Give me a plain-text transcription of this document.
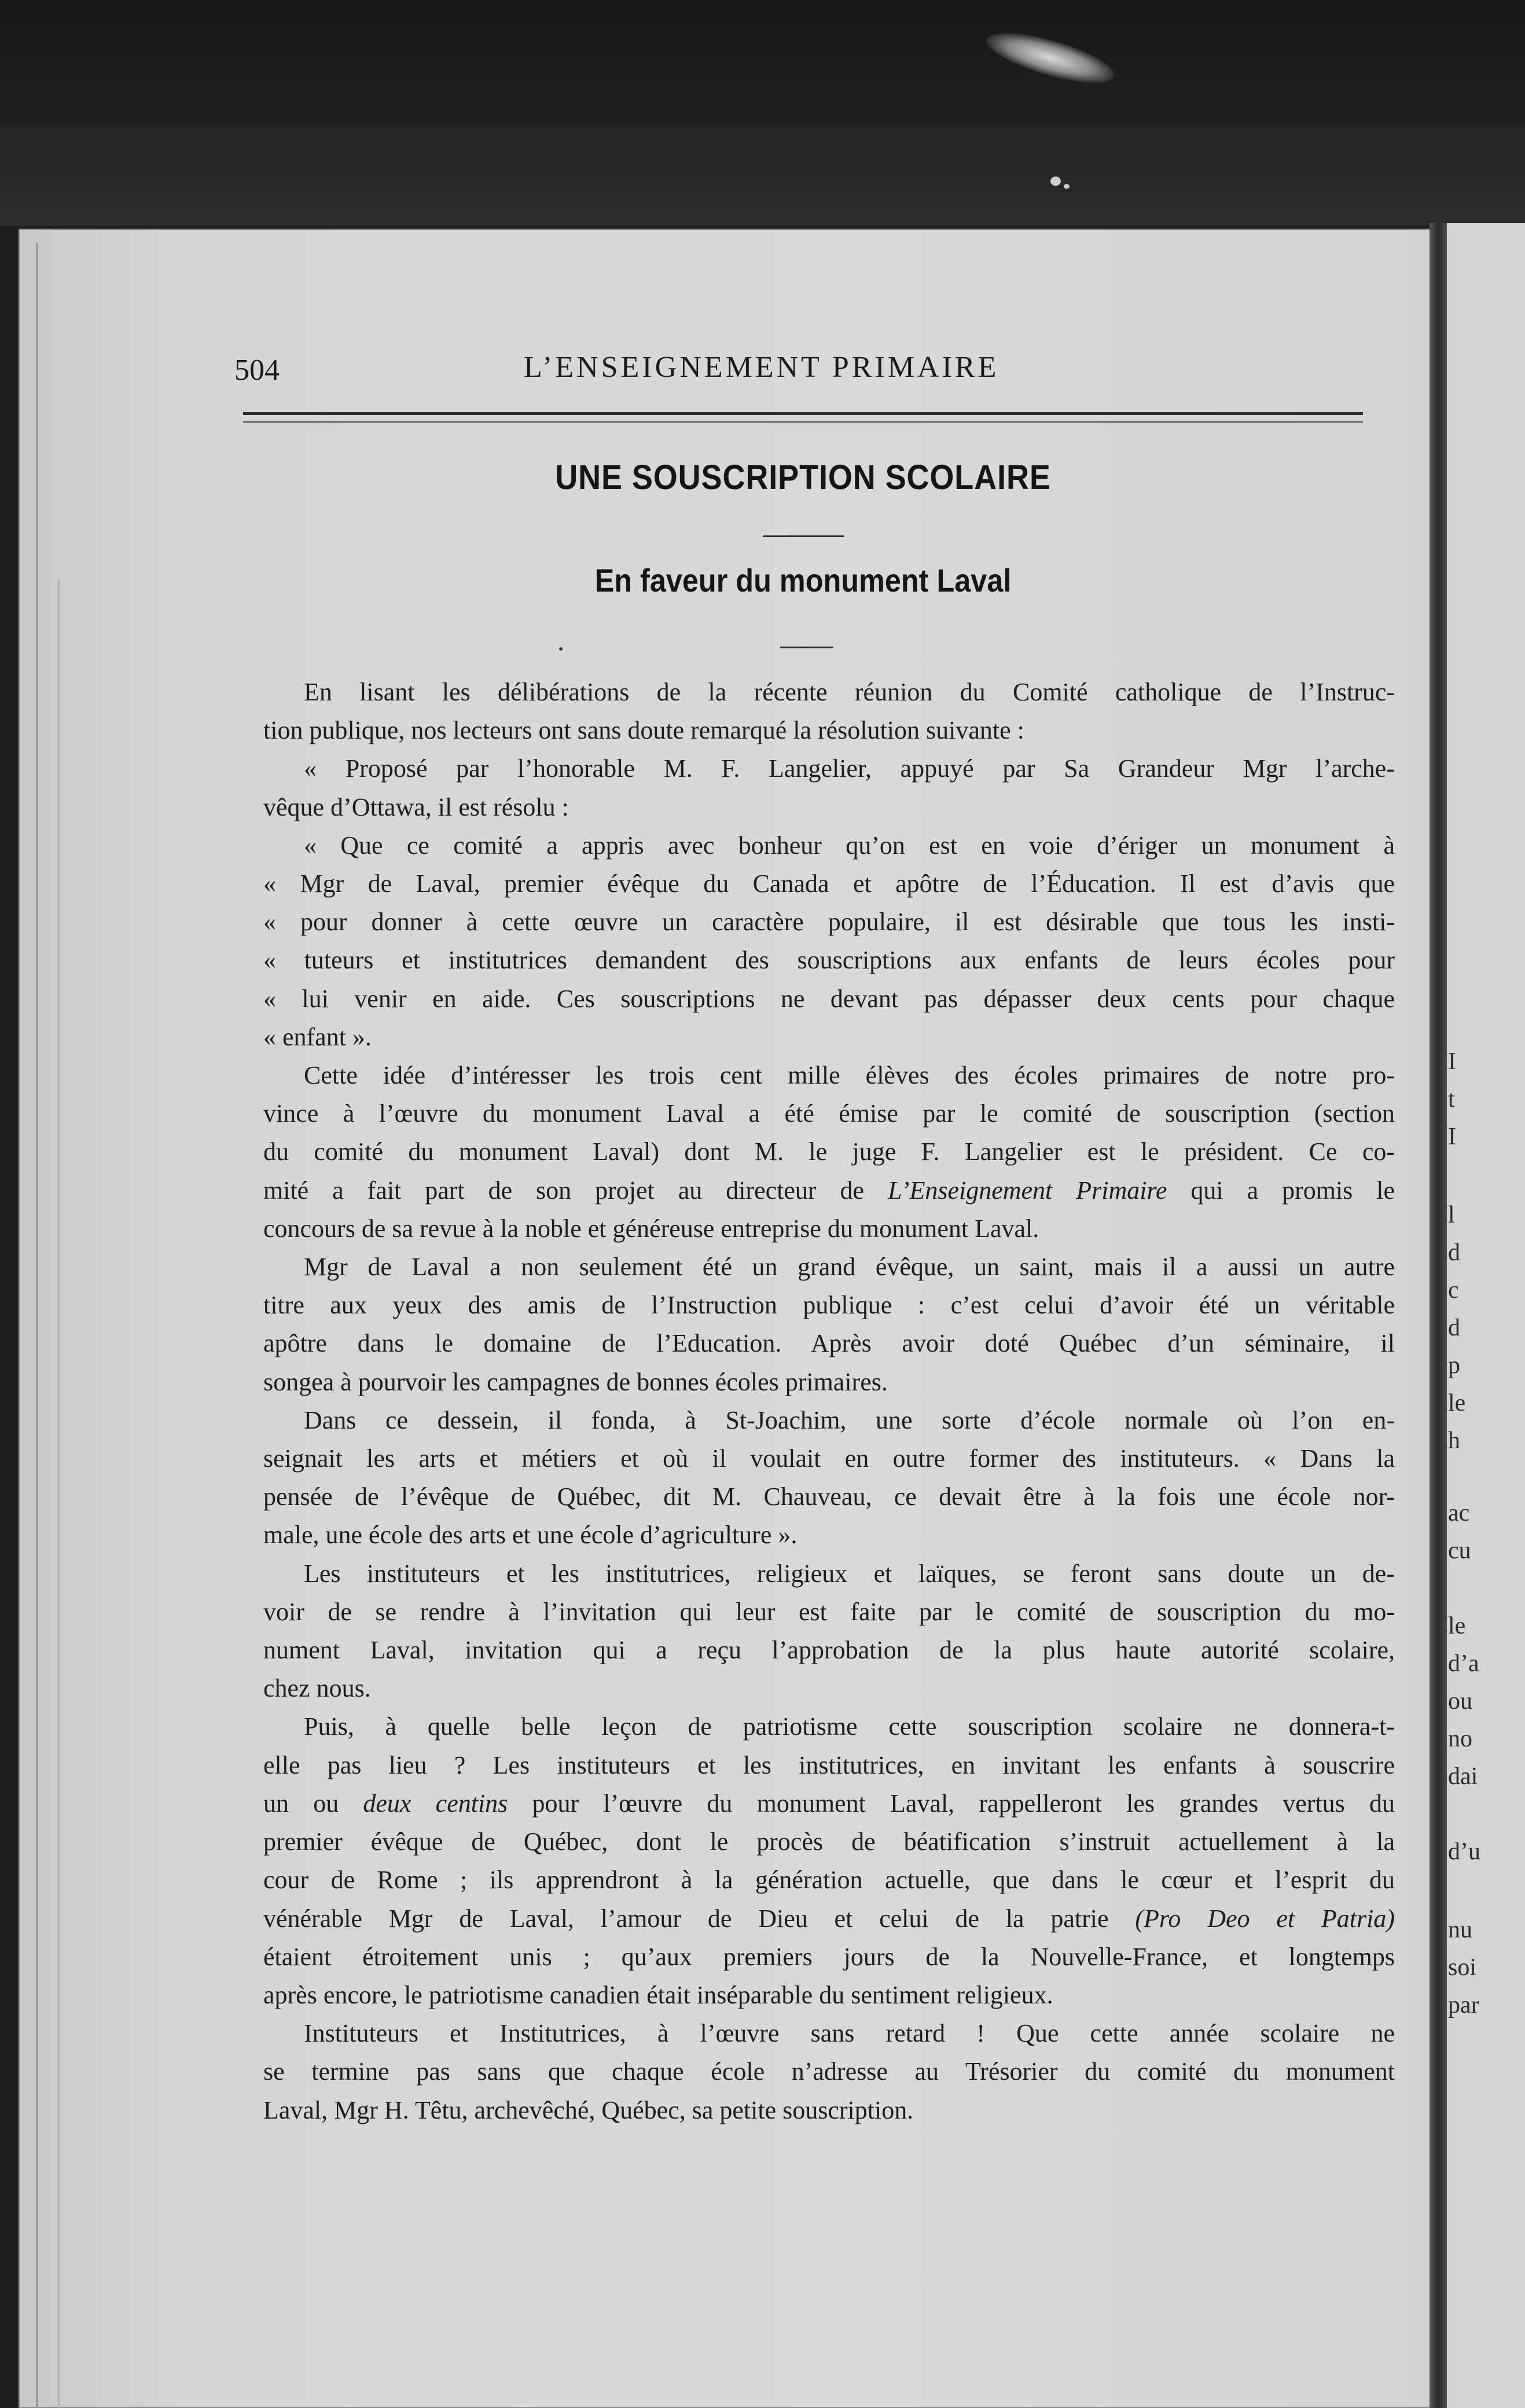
I
t
I
l
d
c
d
p
le
h
ac
cu
le
d’a
ou
no
dai
d’u
nu
soi
par
504	L’ENSEIGNEMENT PRIMAIRE
UNE SOUSCRIPTION SCOLAIRE
En faveur du monument Laval
En lisant les délibérations de la récente réunion du Comité catholique de l’Instruc-
tion publique, nos lecteurs ont sans doute remarqué la résolution suivante :
« Proposé par l’honorable M. F. Langelier, appuyé par Sa Grandeur Mgr l’arche-
vêque d’Ottawa, il est résolu :
« Que ce comité a appris avec bonheur qu’on est en voie d’ériger un monument à
« Mgr de Laval, premier évêque du Canada et apôtre de l’Éducation. Il est d’avis que
« pour donner à cette œuvre un caractère populaire, il est désirable que tous les insti-
« tuteurs et institutrices demandent des souscriptions aux enfants de leurs écoles pour
« lui venir en aide. Ces souscriptions ne devant pas dépasser deux cents pour chaque
« enfant ».
Cette idée d’intéresser les trois cent mille élèves des écoles primaires de notre pro-
vince à l’œuvre du monument Laval a été émise par le comité de souscription (section
du comité du monument Laval) dont M. le juge F. Langelier est le président. Ce co-
mité a fait part de son projet au directeur de L’Enseignement Primaire qui a promis le
concours de sa revue à la noble et généreuse entreprise du monument Laval.
Mgr de Laval a non seulement été un grand évêque, un saint, mais il a aussi un autre
titre aux yeux des amis de l’Instruction publique : c’est celui d’avoir été un véritable
apôtre dans le domaine de l’Education. Après avoir doté Québec d’un séminaire, il
songea à pourvoir les campagnes de bonnes écoles primaires.
Dans ce dessein, il fonda, à St-Joachim, une sorte d’école normale où l’on en-
seignait les arts et métiers et où il voulait en outre former des instituteurs. « Dans la
pensée de l’évêque de Québec, dit M. Chauveau, ce devait être à la fois une école nor-
male, une école des arts et une école d’agriculture ».
Les instituteurs et les institutrices, religieux et laïques, se feront sans doute un de-
voir de se rendre à l’invitation qui leur est faite par le comité de souscription du mo-
nument Laval, invitation qui a reçu l’approbation de la plus haute autorité scolaire,
chez nous.
Puis, à quelle belle leçon de patriotisme cette souscription scolaire ne donnera-t-
elle pas lieu ? Les instituteurs et les institutrices, en invitant les enfants à souscrire
un ou deux centins pour l’œuvre du monument Laval, rappelleront les grandes vertus du
premier évêque de Québec, dont le procès de béatification s’instruit actuellement à la
cour de Rome ; ils apprendront à la génération actuelle, que dans le cœur et l’esprit du
vénérable Mgr de Laval, l’amour de Dieu et celui de la patrie (Pro Deo et Patria)
étaient étroitement unis ; qu’aux premiers jours de la Nouvelle-France, et longtemps
après encore, le patriotisme canadien était inséparable du sentiment religieux.
Instituteurs et Institutrices, à l’œuvre sans retard ! Que cette année scolaire ne
se termine pas sans que chaque école n’adresse au Trésorier du comité du monument
Laval, Mgr H. Têtu, archevêché, Québec, sa petite souscription.
